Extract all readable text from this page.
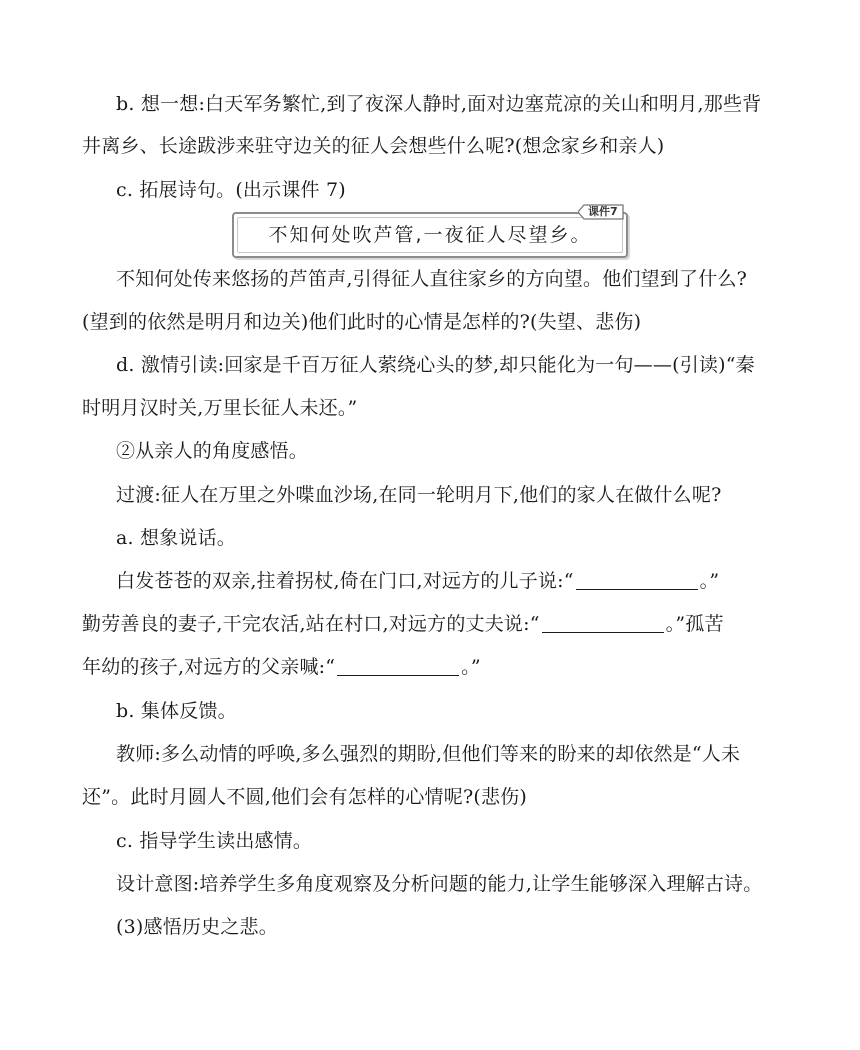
b. 想一想:白天军务繁忙,到了夜深人静时,面对边塞荒凉的关山和明月,那些背
井离乡、长途跋涉来驻守边关的征人会想些什么呢?(想念家乡和亲人)
c. 拓展诗句。(出示课件 7)
不知何处吹芦管,一夜征人尽望乡。
课件7
不知何处传来悠扬的芦笛声,引得征人直往家乡的方向望。他们望到了什么?
(望到的依然是明月和边关)他们此时的心情是怎样的?(失望、悲伤)
d. 激情引读:回家是千百万征人萦绕心头的梦,却只能化为一句——(引读)“秦
时明月汉时关,万里长征人未还。”
②从亲人的角度感悟。
过渡:征人在万里之外喋血沙场,在同一轮明月下,他们的家人在做什么呢?
a. 想象说话。
白发苍苍的双亲,拄着拐杖,倚在门口,对远方的儿子说:“	。”
勤劳善良的妻子,干完农活,站在村口,对远方的丈夫说:“	。”孤苦
年幼的孩子,对远方的父亲喊:“	。”
b. 集体反馈。
教师:多么动情的呼唤,多么强烈的期盼,但他们等来的盼来的却依然是“人未
还”。此时月圆人不圆,他们会有怎样的心情呢?(悲伤)
c. 指导学生读出感情。
设计意图:培养学生多角度观察及分析问题的能力,让学生能够深入理解古诗。
(3)感悟历史之悲。
